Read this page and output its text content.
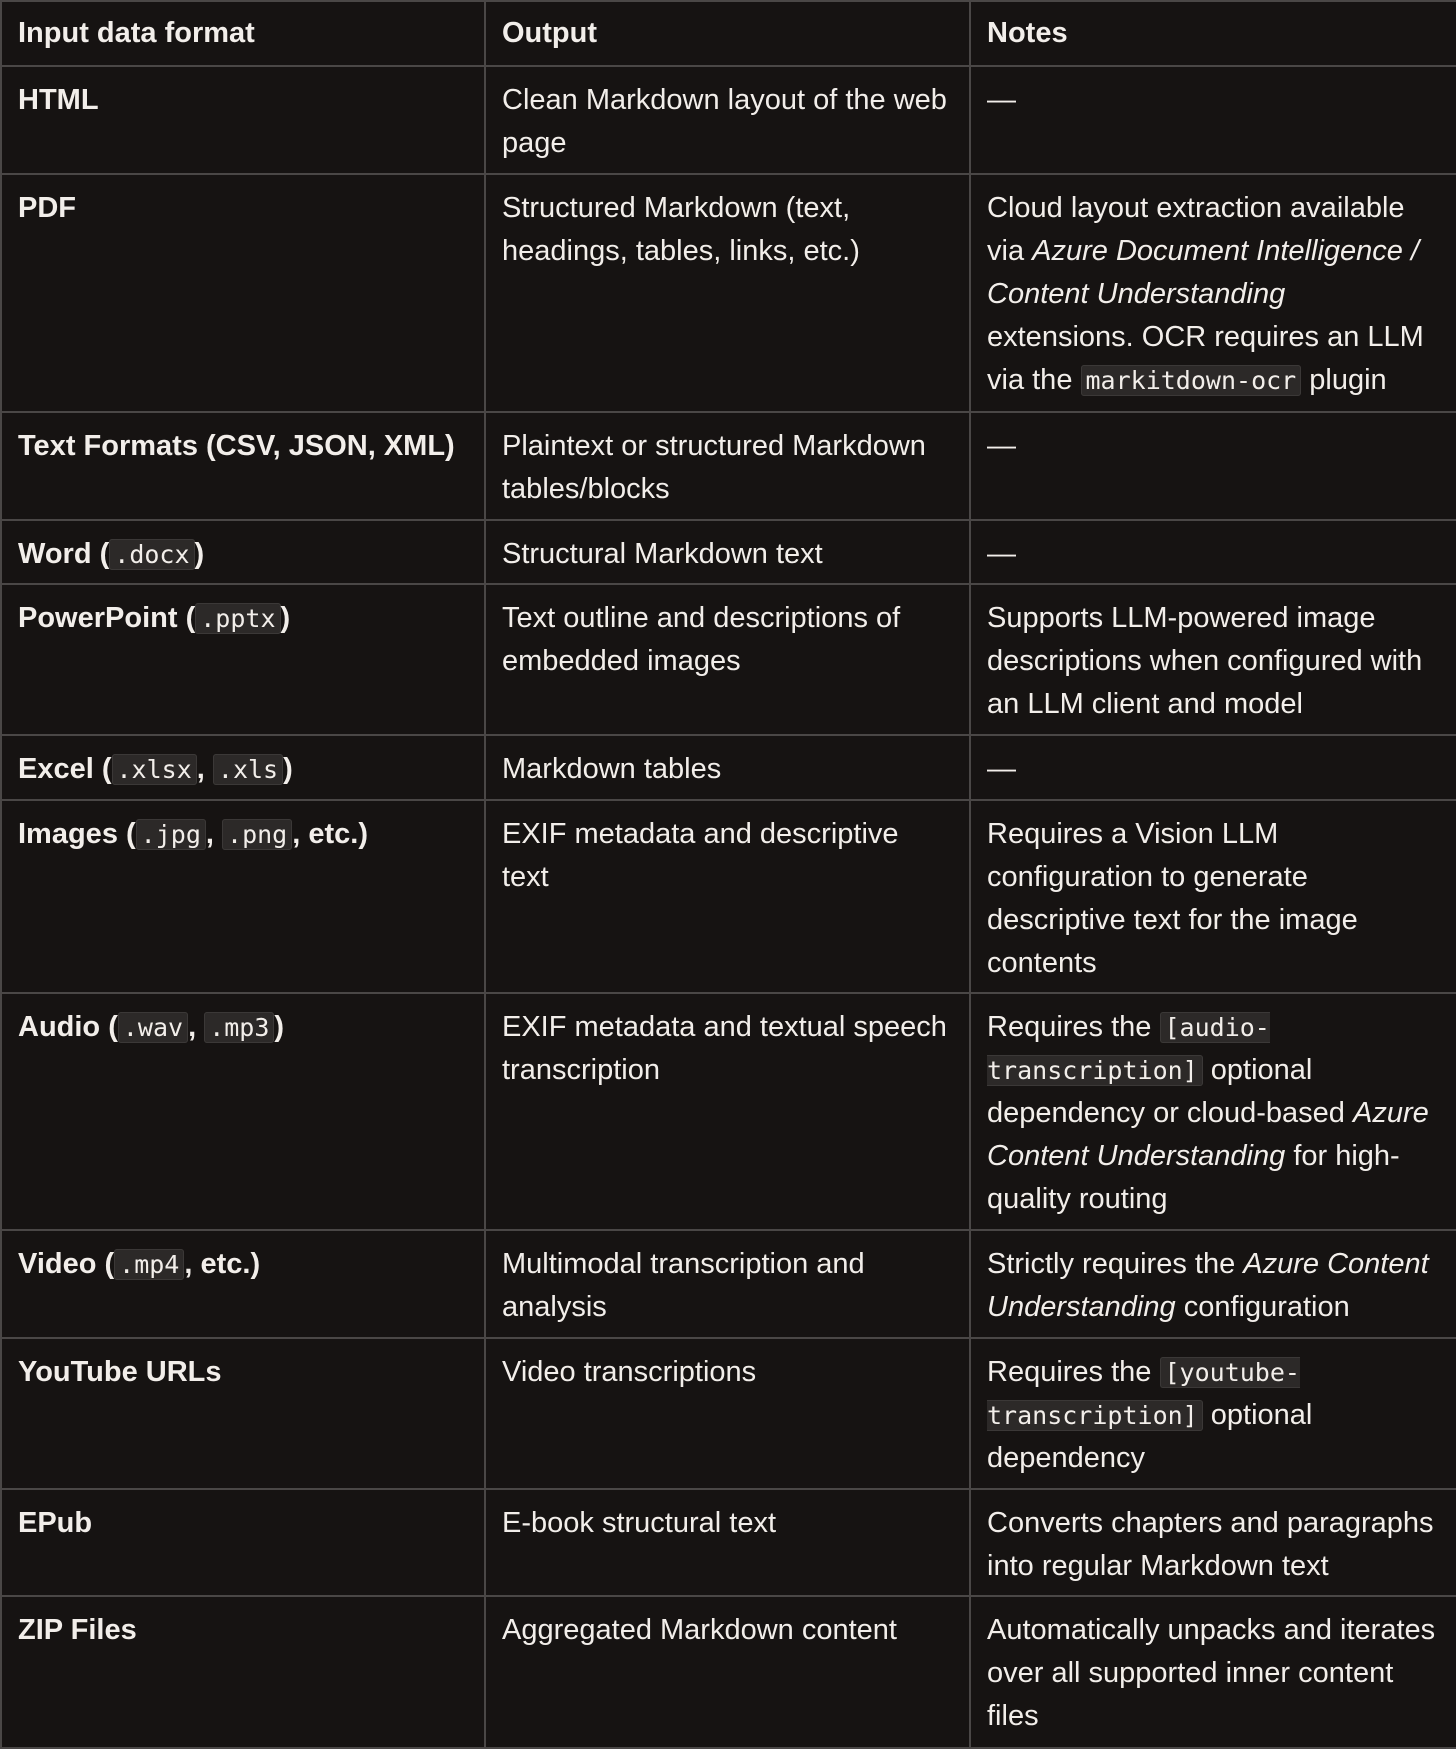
Input data format	Output	Notes
HTML	Clean Markdown layout of the web page	—
PDF	Structured Markdown (text, headings, tables, links, etc.)	Cloud layout extraction available via Azure Document Intelligence / Content Understanding extensions. OCR requires an LLM via the markitdown-ocr plugin
Text Formats (CSV, JSON, XML)	Plaintext or structured Markdown tables/blocks	—
Word ( .docx )	Structural Markdown text	—
PowerPoint ( .pptx )	Text outline and descriptions of embedded images	Supports LLM-powered image descriptions when configured with an LLM client and model
Excel ( .xlsx , .xls )	Markdown tables	—
Images ( .jpg , .png , etc.)	EXIF metadata and descriptive text	Requires a Vision LLM configuration to generate descriptive text for the image contents
Audio ( .wav , .mp3 )	EXIF metadata and textual speech transcription	Requires the [audio-transcription] optional dependency or cloud-based Azure Content Understanding for high-quality routing
Video ( .mp4 , etc.)	Multimodal transcription and analysis	Strictly requires the Azure Content Understanding configuration
YouTube URLs	Video transcriptions	Requires the [youtube-transcription] optional dependency
EPub	E-book structural text	Converts chapters and paragraphs into regular Markdown text
ZIP Files	Aggregated Markdown content	Automatically unpacks and iterates over all supported inner content files
